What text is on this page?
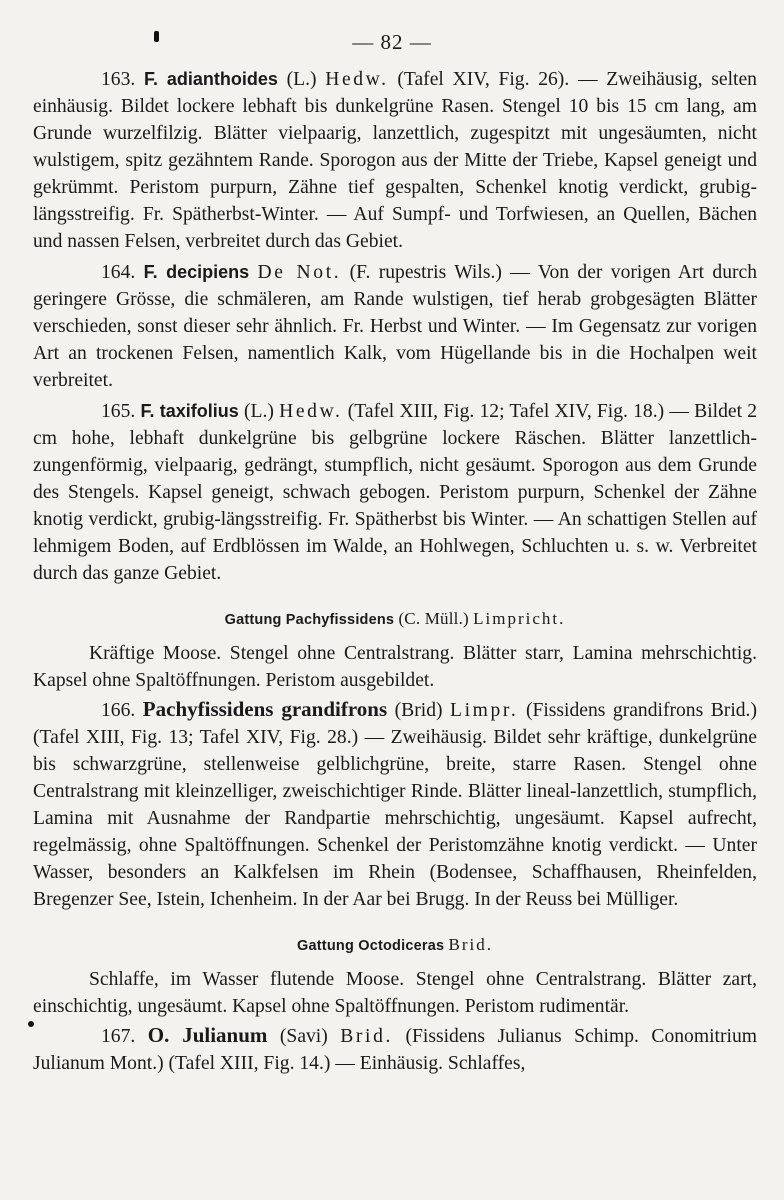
— 82 —

163. F. adianthoides (L.) Hedw. (Tafel XIV, Fig. 26). — Zweihäusig, selten einhäusig. Bildet lockere lebhaft bis dunkelgrüne Rasen. Stengel 10 bis 15 cm lang, am Grunde wurzelfilzig. Blätter vielpaarig, lanzettlich, zugespitzt mit ungesäumten, nicht wulstigem, spitz gezähntem Rande. Sporogon aus der Mitte der Triebe, Kapsel geneigt und gekrümmt. Peristom purpurn, Zähne tief gespalten, Schenkel knotig verdickt, grubig-längsstreifig. Fr. Spätherbst-Winter. — Auf Sumpf- und Torfwiesen, an Quellen, Bächen und nassen Felsen, verbreitet durch das Gebiet.

164. F. decipiens De Not. (F. rupestris Wils.) — Von der vorigen Art durch geringere Grösse, die schmäleren, am Rande wulstigen, tief herab grobgesägten Blätter verschieden, sonst dieser sehr ähnlich. Fr. Herbst und Winter. — Im Gegensatz zur vorigen Art an trockenen Felsen, namentlich Kalk, vom Hügellande bis in die Hochalpen weit verbreitet.

165. F. taxifolius (L.) Hedw. (Tafel XIII, Fig. 12; Tafel XIV, Fig. 18.) — Bildet 2 cm hohe, lebhaft dunkelgrüne bis gelbgrüne lockere Räschen. Blätter lanzettlich-zungenförmig, vielpaarig, gedrängt, stumpflich, nicht gesäumt. Sporogon aus dem Grunde des Stengels. Kapsel geneigt, schwach gebogen. Peristom purpurn, Schenkel der Zähne knotig verdickt, grubig-längsstreifig. Fr. Spätherbst bis Winter. — An schattigen Stellen auf lehmigem Boden, auf Erdblössen im Walde, an Hohlwegen, Schluchten u. s. w. Verbreitet durch das ganze Gebiet.

Gattung Pachyfissidens (C. Müll.) Limpricht.

Kräftige Moose. Stengel ohne Centralstrang. Blätter starr, Lamina mehrschichtig. Kapsel ohne Spaltöffnungen. Peristom ausgebildet.

166. Pachyfissidens grandifrons (Brid) Limpr. (Fissidens grandifrons Brid.) (Tafel XIII, Fig. 13; Tafel XIV, Fig. 28.) — Zweihäusig. Bildet sehr kräftige, dunkelgrüne bis schwarzgrüne, stellenweise gelblichgrüne, breite, starre Rasen. Stengel ohne Centralstrang mit kleinzelliger, zweischichtiger Rinde. Blätter lineal-lanzettlich, stumpflich, Lamina mit Ausnahme der Randpartie mehrschichtig, ungesäumt. Kapsel aufrecht, regelmässig, ohne Spaltöffnungen. Schenkel der Peristomzähne knotig verdickt. — Unter Wasser, besonders an Kalkfelsen im Rhein (Bodensee, Schaffhausen, Rheinfelden, Bregenzer See, Istein, Ichenheim. In der Aar bei Brugg. In der Reuss bei Mülliger.

Gattung Octodiceras Brid.

Schlaffe, im Wasser flutende Moose. Stengel ohne Centralstrang. Blätter zart, einschichtig, ungesäumt. Kapsel ohne Spaltöffnungen. Peristom rudimentär.

167. O. Julianum (Savi) Brid. (Fissidens Julianus Schimp. Conomitrium Julianum Mont.) (Tafel XIII, Fig. 14.) — Einhäusig. Schlaffes,
